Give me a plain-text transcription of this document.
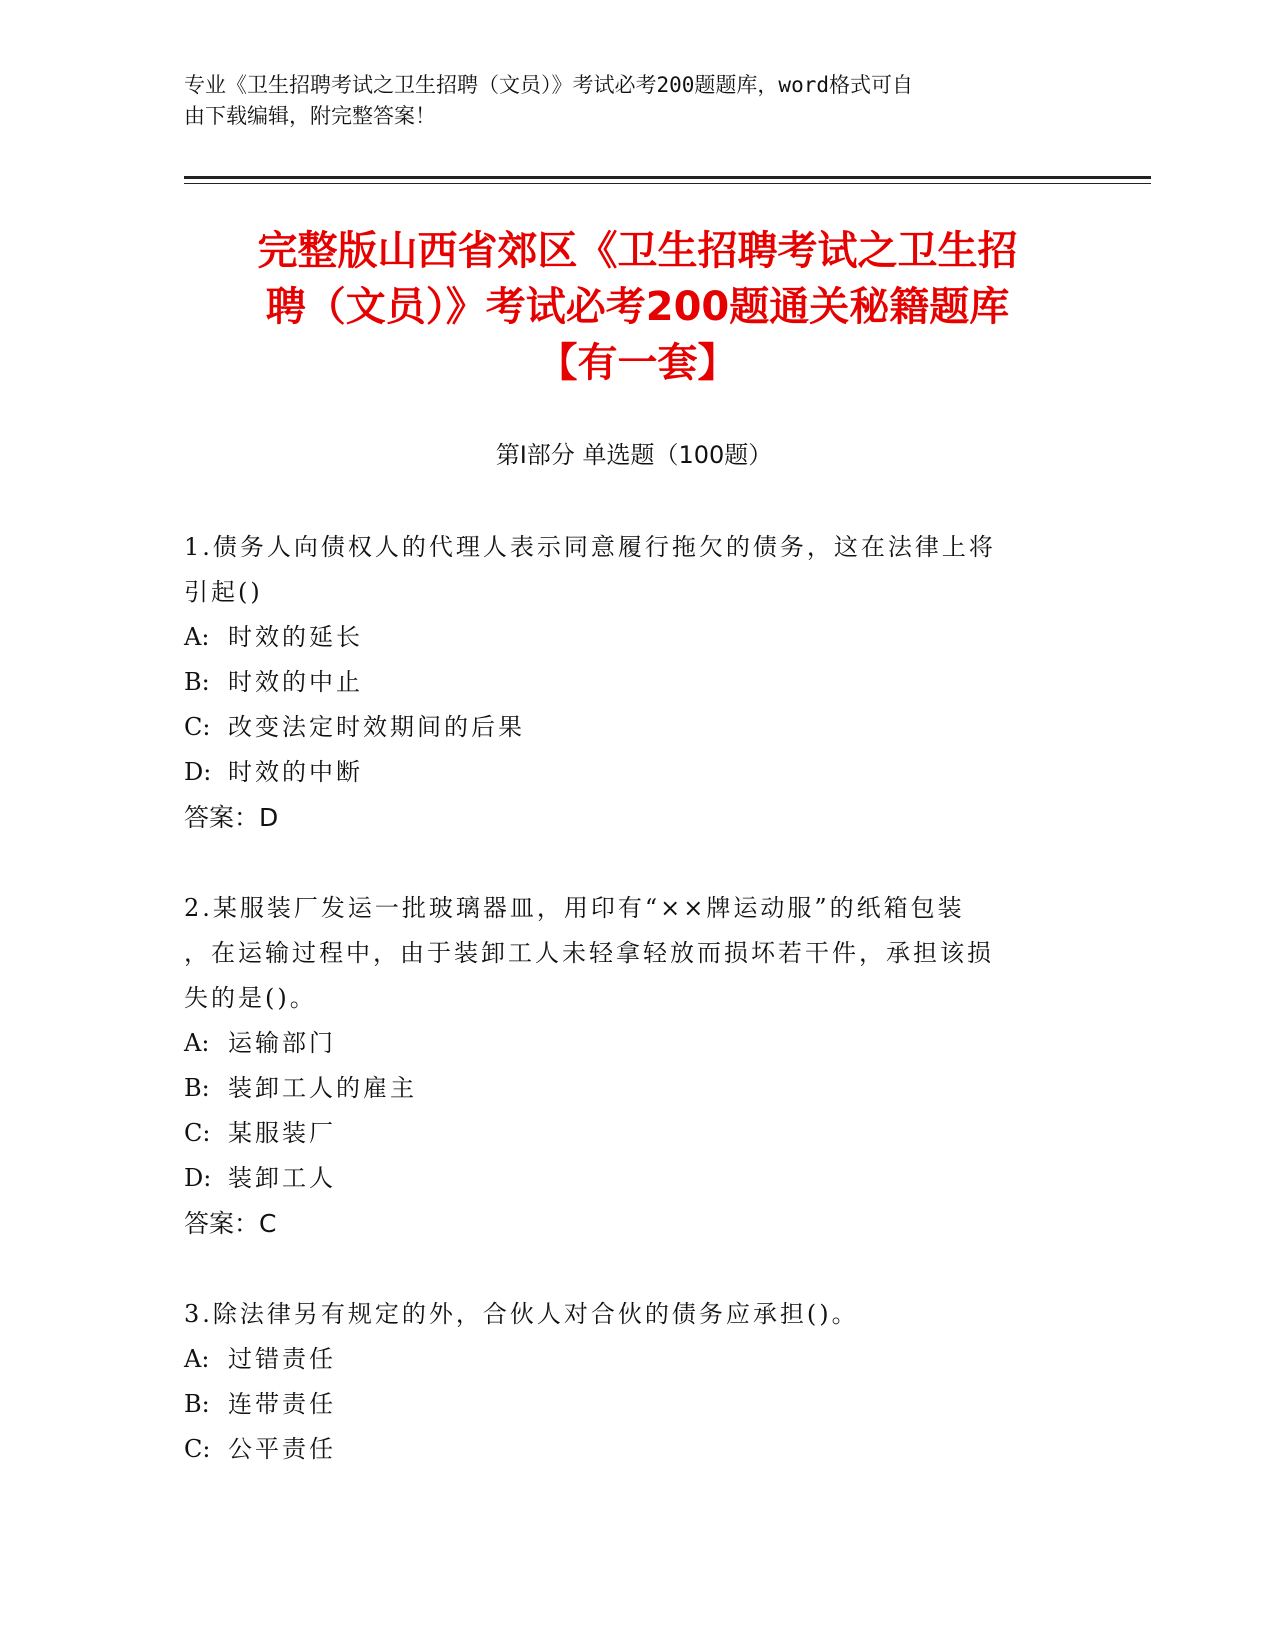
专业《卫生招聘考试之卫生招聘（文员）》考试必考200题题库，word格式可自
由下载编辑，附完整答案！
完整版山西省郊区《卫生招聘考试之卫生招
聘（文员）》考试必考200题通关秘籍题库
【有一套】
第Ⅰ部分 单选题（100题）
1.债务人向债权人的代理人表示同意履行拖欠的债务，这在法律上将
引起()
A: 时效的延长
B: 时效的中止
C: 改变法定时效期间的后果
D: 时效的中断
答案：D
2.某服装厂发运一批玻璃器皿，用印有“××牌运动服”的纸箱包装
，在运输过程中，由于装卸工人未轻拿轻放而损坏若干件，承担该损
失的是()。
A: 运输部门
B: 装卸工人的雇主
C: 某服装厂
D: 装卸工人
答案：C
3.除法律另有规定的外，合伙人对合伙的债务应承担()。
A: 过错责任
B: 连带责任
C: 公平责任
